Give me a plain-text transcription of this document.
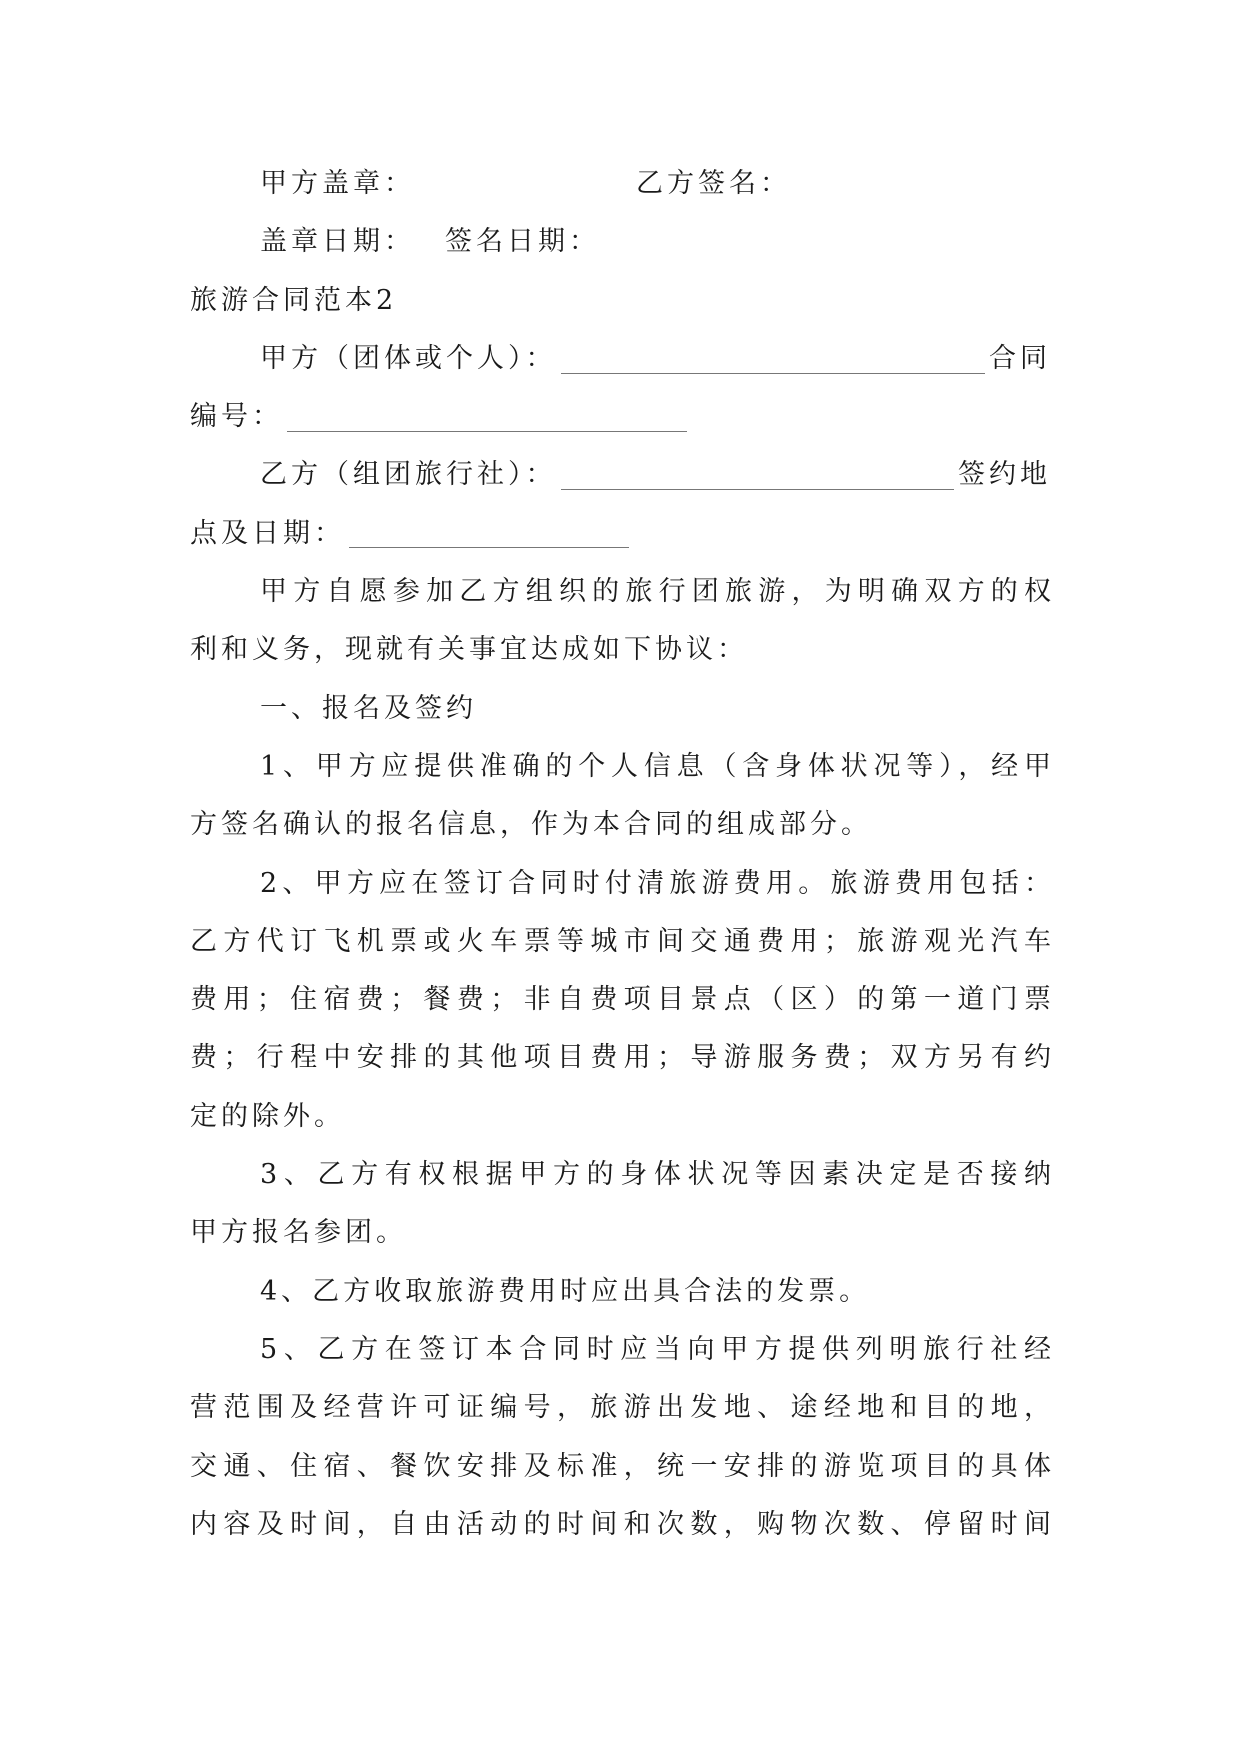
甲方盖章：	乙方签名：
盖章日期： 签名日期：
旅游合同范本2
甲方（团体或个人）：	合同
编号：
乙方（组团旅行社）：	签约地
点及日期：
甲方自愿参加乙方组织的旅行团旅游，为明确双方的权
利和义务，现就有关事宜达成如下协议：
一、报名及签约
1、甲方应提供准确的个人信息（含身体状况等），经甲
方签名确认的报名信息，作为本合同的组成部分。
2、甲方应在签订合同时付清旅游费用。旅游费用包括：
乙方代订飞机票或火车票等城市间交通费用；旅游观光汽车
费用；住宿费；餐费；非自费项目景点（区）的第一道门票
费；行程中安排的其他项目费用；导游服务费；双方另有约
定的除外。
3、乙方有权根据甲方的身体状况等因素决定是否接纳
甲方报名参团。
4、乙方收取旅游费用时应出具合法的发票。
5、乙方在签订本合同时应当向甲方提供列明旅行社经
营范围及经营许可证编号，旅游出发地、途经地和目的地，
交通、住宿、餐饮安排及标准，统一安排的游览项目的具体
内容及时间，自由活动的时间和次数，购物次数、停留时间
